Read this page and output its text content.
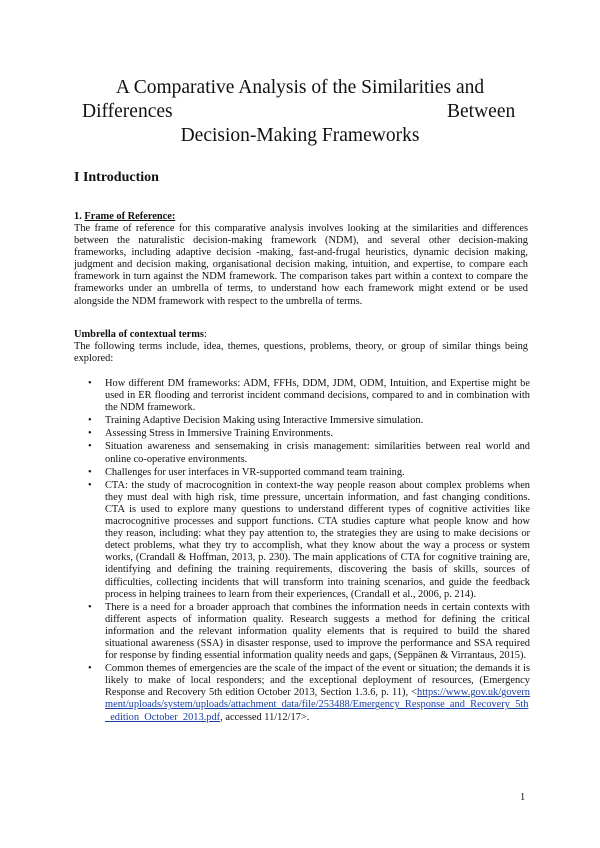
A Comparative Analysis of the Similarities and
Differences	Between
Decision-Making Frameworks
I Introduction
1. Frame of Reference:
The frame of reference for this comparative analysis involves looking at the similarities and differences between the naturalistic decision-making framework (NDM), and several other decision-making frameworks, including adaptive decision -making, fast-and-frugal heuristics, dynamic decision making, judgment and decision making, organisational decision making, intuition, and expertise, to compare each framework in turn against the NDM framework. The comparison takes part within a context to compare the frameworks under an umbrella of terms, to understand how each framework might extend or be used alongside the NDM framework with respect to the umbrella of terms.
Umbrella of contextual terms:
The following terms include, idea, themes, questions, problems, theory, or group of similar things being explored:
• How different DM frameworks: ADM, FFHs, DDM, JDM, ODM, Intuition, and Expertise might be used in ER flooding and terrorist incident command decisions, compared to and in combination with the NDM framework.
• Training Adaptive Decision Making using Interactive Immersive simulation.
• Assessing Stress in Immersive Training Environments.
• Situation awareness and sensemaking in crisis management: similarities between real world and online co-operative environments.
• Challenges for user interfaces in VR-supported command team training.
• CTA: the study of macrocognition in context-the way people reason about complex problems when they must deal with high risk, time pressure, uncertain information, and fast changing conditions. CTA is used to explore many questions to understand different types of cognitive activities like macrocognitive processes and support functions. CTA studies capture what people know and how they reason, including: what they pay attention to, the strategies they are using to make decisions or detect problems, what they try to accomplish, what they know about the way a process or system works, (Crandall & Hoffman, 2013, p. 230). The main applications of CTA for cognitive training are, identifying and defining the training requirements, discovering the basis of skills, sources of difficulties, collecting incidents that will transform into training scenarios, and guide the feedback process in helping trainees to learn from their experiences, (Crandall et al., 2006, p. 214).
• There is a need for a broader approach that combines the information needs in certain contexts with different aspects of information quality. Research suggests a method for defining the critical information and the relevant information quality elements that is required to build the shared situational awareness (SSA) in disaster response, used to improve the performance and SSA required for response by finding essential information quality needs and gaps, (Seppänen & Virrantaus, 2015).
• Common themes of emergencies are the scale of the impact of the event or situation; the demands it is likely to make of local responders; and the exceptional deployment of resources, (Emergency Response and Recovery 5th edition October 2013, Section 1.3.6, p. 11), <https://www.gov.uk/government/uploads/system/uploads/attachment_data/file/253488/Emergency_Response_and_Recovery_5th_edition_October_2013.pdf, accessed 11/12/17>.
1
